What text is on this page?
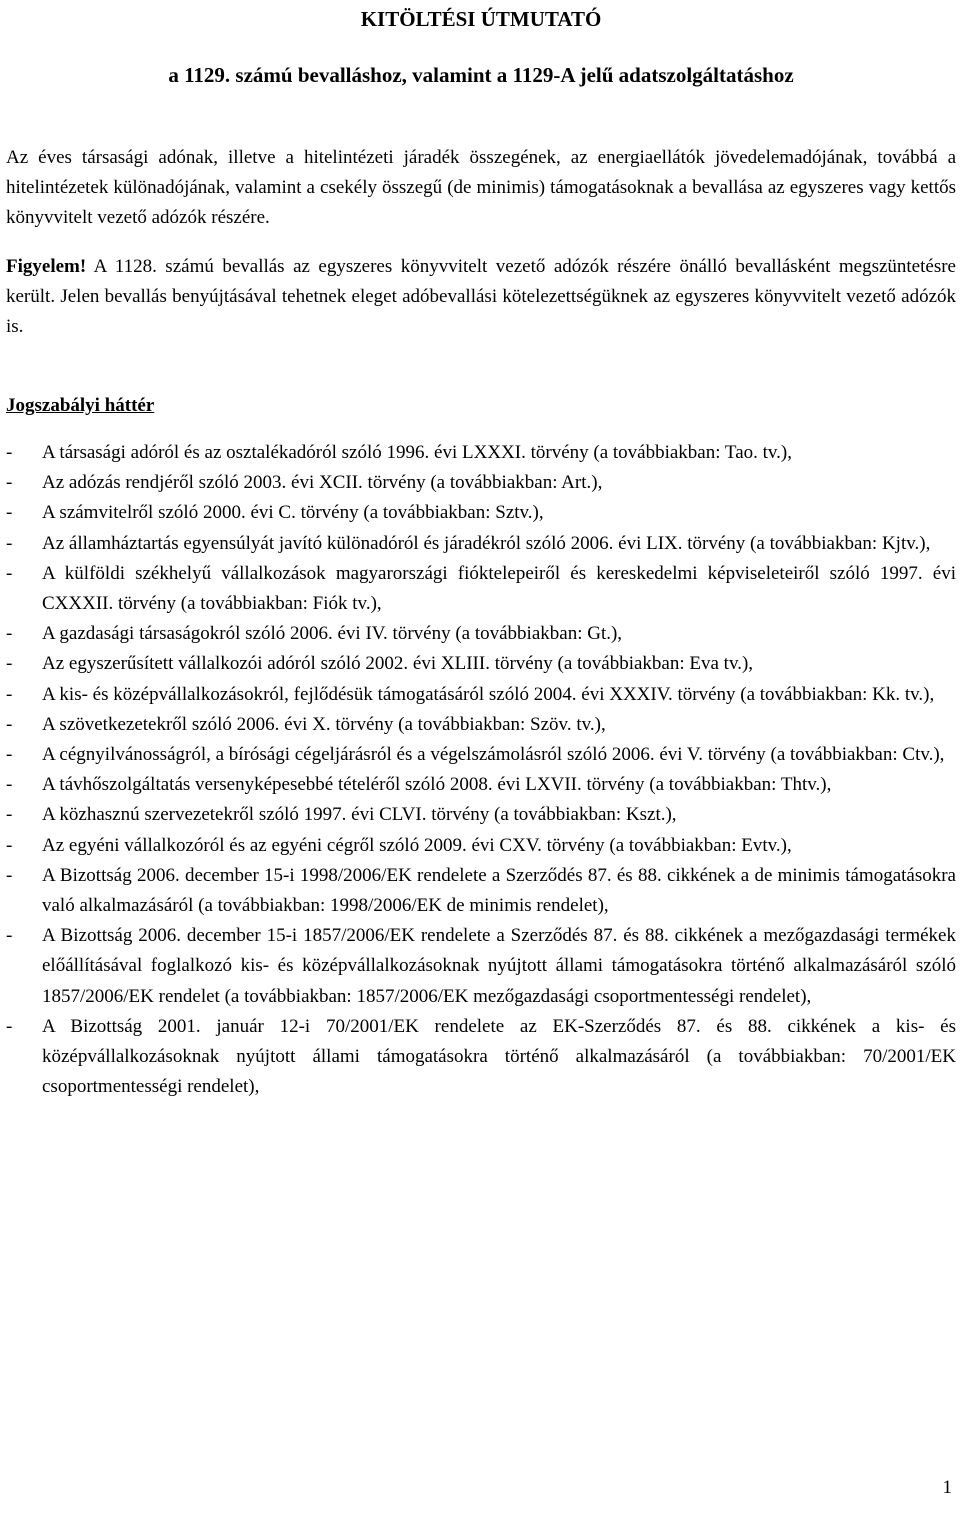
KITÖLTÉSI ÚTMUTATÓ
a 1129. számú bevalláshoz, valamint a 1129-A jelű adatszolgáltatáshoz

Az éves társasági adónak, illetve a hitelintézeti járadék összegének, az energiaellátók jövedelemadójának, továbbá a hitelintézetek különadójának, valamint a csekély összegű (de minimis) támogatásoknak a bevallása az egyszeres vagy kettős könyvvitelt vezető adózók részére.

Figyelem! A 1128. számú bevallás az egyszeres könyvvitelt vezető adózók részére önálló bevallásként megszüntetésre került. Jelen bevallás benyújtásával tehetnek eleget adóbevallási kötelezettségüknek az egyszeres könyvvitelt vezető adózók is.

Jogszabályi háttér
- A társasági adóról és az osztalékadóról szóló 1996. évi LXXXI. törvény (a továbbiakban: Tao. tv.),
- Az adózás rendjéről szóló 2003. évi XCII. törvény (a továbbiakban: Art.),
- A számvitelről szóló 2000. évi C. törvény (a továbbiakban: Sztv.),
- Az államháztartás egyensúlyát javító különadóról és járadékról szóló 2006. évi LIX. törvény (a továbbiakban: Kjtv.),
- A külföldi székhelyű vállalkozások magyarországi fióktelepeiről és kereskedelmi képviseleteiről szóló 1997. évi CXXXII. törvény (a továbbiakban: Fiók tv.),
- A gazdasági társaságokról szóló 2006. évi IV. törvény (a továbbiakban: Gt.),
- Az egyszerűsített vállalkozói adóról szóló 2002. évi XLIII. törvény (a továbbiakban: Eva tv.),
- A kis- és középvállalkozásokról, fejlődésük támogatásáról szóló 2004. évi XXXIV. törvény (a továbbiakban: Kk. tv.),
- A szövetkezetekről szóló 2006. évi X. törvény (a továbbiakban: Szöv. tv.),
- A cégnyilvánosságról, a bírósági cégeljárásról és a végelszámolásról szóló 2006. évi V. törvény (a továbbiakban: Ctv.),
- A távhőszolgáltatás versenyképesebbé tételéről szóló 2008. évi LXVII. törvény (a továbbiakban: Thtv.),
- A közhasznú szervezetekről szóló 1997. évi CLVI. törvény (a továbbiakban: Kszt.),
- Az egyéni vállalkozóról és az egyéni cégről szóló 2009. évi CXV. törvény (a továbbiakban: Evtv.),
- A Bizottság 2006. december 15-i 1998/2006/EK rendelete a Szerződés 87. és 88. cikkének a de minimis támogatásokra való alkalmazásáról (a továbbiakban: 1998/2006/EK de minimis rendelet),
- A Bizottság 2006. december 15-i 1857/2006/EK rendelete a Szerződés 87. és 88. cikkének a mezőgazdasági termékek előállításával foglalkozó kis- és középvállalkozásoknak nyújtott állami támogatásokra történő alkalmazásáról szóló 1857/2006/EK rendelet (a továbbiakban: 1857/2006/EK mezőgazdasági csoportmentességi rendelet),
- A Bizottság 2001. január 12-i 70/2001/EK rendelete az EK-Szerződés 87. és 88. cikkének a kis- és középvállalkozásoknak nyújtott állami támogatásokra történő alkalmazásáról (a továbbiakban: 70/2001/EK csoportmentességi rendelet),
1
